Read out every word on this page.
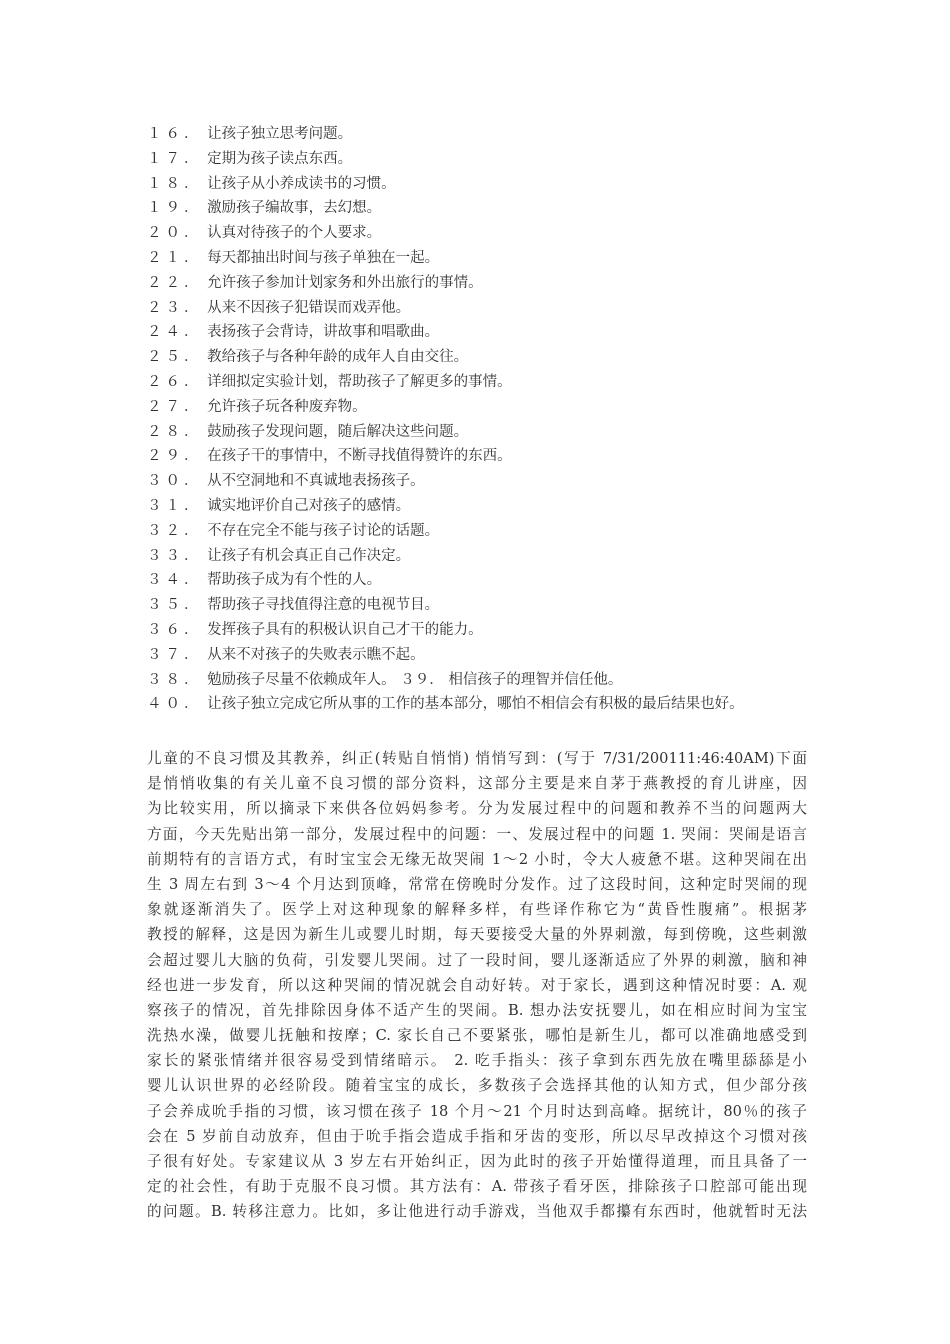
１６． 让孩子独立思考问题。
１７． 定期为孩子读点东西。
１８． 让孩子从小养成读书的习惯。
１９． 激励孩子编故事，去幻想。
２０． 认真对待孩子的个人要求。
２１． 每天都抽出时间与孩子单独在一起。
２２． 允许孩子参加计划家务和外出旅行的事情。
２３． 从来不因孩子犯错误而戏弄他。
２４． 表扬孩子会背诗，讲故事和唱歌曲。
２５． 教给孩子与各种年龄的成年人自由交往。
２６． 详细拟定实验计划，帮助孩子了解更多的事情。
２７． 允许孩子玩各种废弃物。
２８． 鼓励孩子发现问题，随后解决这些问题。
２９． 在孩子干的事情中，不断寻找值得赞许的东西。
３０． 从不空洞地和不真诚地表扬孩子。
３１． 诚实地评价自己对孩子的感情。
３２． 不存在完全不能与孩子讨论的话题。
３３． 让孩子有机会真正自己作决定。
３４． 帮助孩子成为有个性的人。
３５． 帮助孩子寻找值得注意的电视节目。
３６． 发挥孩子具有的积极认识自己才干的能力。
３７． 从来不对孩子的失败表示瞧不起。
３８． 勉励孩子尽量不依赖成年人。 ３９． 相信孩子的理智并信任他。
４０． 让孩子独立完成它所从事的工作的基本部分，哪怕不相信会有积极的最后结果也好。
儿童的不良习惯及其教养，纠正(转贴自悄悄) 悄悄写到：(写于 7/31/200111:46:40AM)下面
是悄悄收集的有关儿童不良习惯的部分资料，这部分主要是来自茅于燕教授的育儿讲座，因
为比较实用，所以摘录下来供各位妈妈参考。分为发展过程中的问题和教养不当的问题两大
方面，今天先贴出第一部分，发展过程中的问题：一、发展过程中的问题 1. 哭闹：哭闹是语言
前期特有的言语方式，有时宝宝会无缘无故哭闹 1～2 小时，令大人疲惫不堪。这种哭闹在出
生 3 周左右到 3～4 个月达到顶峰，常常在傍晚时分发作。过了这段时间，这种定时哭闹的现
象就逐渐消失了。医学上对这种现象的解释多样，有些译作称它为“黄昏性腹痛”。根据茅
教授的解释，这是因为新生儿或婴儿时期，每天要接受大量的外界刺激，每到傍晚，这些刺激
会超过婴儿大脑的负荷，引发婴儿哭闹。过了一段时间，婴儿逐渐适应了外界的刺激，脑和神
经也进一步发育，所以这种哭闹的情况就会自动好转。对于家长，遇到这种情况时要：A. 观
察孩子的情况，首先排除因身体不适产生的哭闹。B. 想办法安抚婴儿，如在相应时间为宝宝
洗热水澡，做婴儿抚触和按摩；C. 家长自己不要紧张，哪怕是新生儿，都可以准确地感受到
家长的紧张情绪并很容易受到情绪暗示。 2. 吃手指头：孩子拿到东西先放在嘴里舔舔是小
婴儿认识世界的必经阶段。随着宝宝的成长，多数孩子会选择其他的认知方式，但少部分孩
子会养成吮手指的习惯，该习惯在孩子 18 个月～21 个月时达到高峰。据统计，80％的孩子
会在 5 岁前自动放弃，但由于吮手指会造成手指和牙齿的变形，所以尽早改掉这个习惯对孩
子很有好处。专家建议从 3 岁左右开始纠正，因为此时的孩子开始懂得道理，而且具备了一
定的社会性，有助于克服不良习惯。其方法有：A. 带孩子看牙医，排除孩子口腔部可能出现
的问题。B. 转移注意力。比如，多让他进行动手游戏，当他双手都攥有东西时，他就暂时无法
